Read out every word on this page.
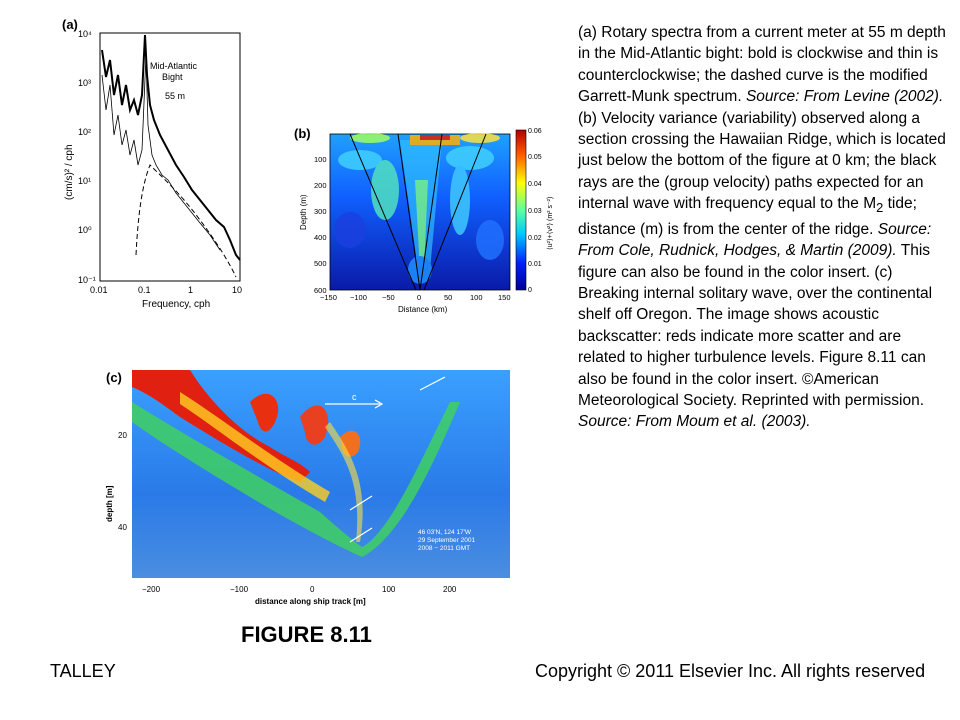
(a)
Mid-Atlantic
Bight
55 m
10⁴
10³
10²
10¹
10⁰
10⁻¹
0.01	0.1	1	10
Frequency, cph
(cm/s)² / cph
(b)
100
200
300
400
500
600
Depth (m)
−150 −100 −50	0	50 100 150
Distance (km)
0.06
0.05
0.04
0.03
0.02
0.01
0
⟨u²⟩+⟨v²⟩ (m² s⁻²)
(c)
c
46 03'N, 124 17'W
29 September 2001
2008 − 2011 GMT
20
40
depth [m]
−200	−100	0	100	200
distance along ship track [m]
(a) Rotary spectra from a current meter at 55 m depth in the Mid-Atlantic bight: bold is clockwise and thin is counterclockwise; the dashed curve is the modified Garrett-Munk spectrum. Source: From Levine (2002). (b) Velocity variance (variability) observed along a section crossing the Hawaiian Ridge, which is located just below the bottom of the figure at 0 km; the black rays are the (group velocity) paths expected for an internal wave with frequency equal to the $M_2$ tide; distance (m) is from the center of the ridge. Source: From Cole, Rudnick, Hodges, & Martin (2009). This figure can also be found in the color insert. (c) Breaking internal solitary wave, over the continental shelf off Oregon. The image shows acoustic backscatter: reds indicate more scatter and are related to higher turbulence levels. Figure 8.11 can also be found in the color insert. ©American Meteorological Society. Reprinted with permission. Source: From Moum et al. (2003).
FIGURE 8.11
TALLEY	Copyright © 2011 Elsevier Inc. All rights reserved
